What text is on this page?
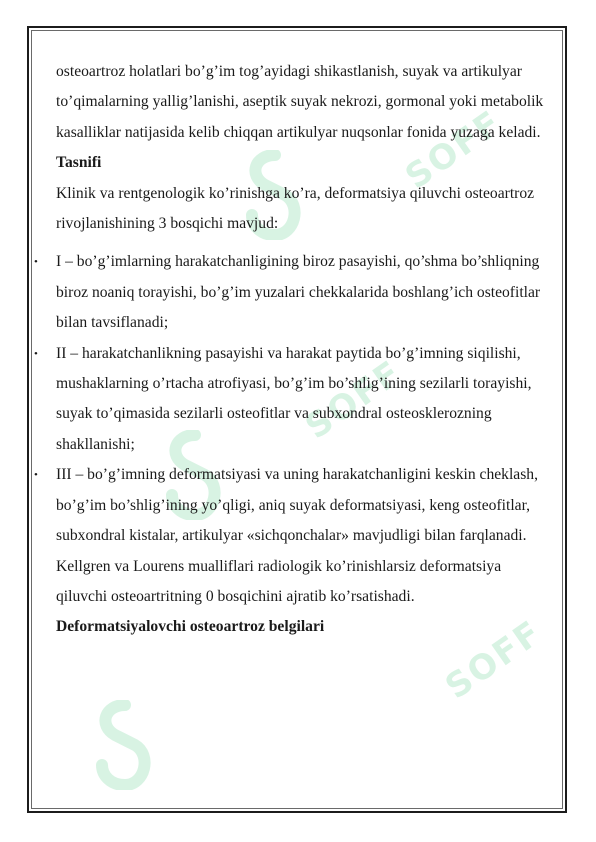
SOFF
SOFF
SOFF

osteoartroz holatlari bo’g’im tog’ayidagi shikastlanish, suyak va artikulyar to’qimalarning yallig’lanishi, aseptik suyak nekrozi, gormonal yoki metabolik kasalliklar natijasida kelib chiqqan artikulyar nuqsonlar fonida yuzaga keladi.

Tasnifi

Klinik va rentgenologik ko’rinishga ko’ra, deformatsiya qiluvchi osteoartroz rivojlanishining 3 bosqichi mavjud:

• I – bo’g’imlarning harakatchanligining biroz pasayishi, qo’shma bo’shliqning biroz noaniq torayishi, bo’g’im yuzalari chekkalarida boshlang’ich osteofitlar bilan tavsiflanadi;
• II – harakatchanlikning pasayishi va harakat paytida bo’g’imning siqilishi, mushaklarning o’rtacha atrofiyasi, bo’g’im bo’shlig’ining sezilarli torayishi, suyak to’qimasida sezilarli osteofitlar va subxondral osteosklerozning shakllanishi;
• III – bo’g’imning deformatsiyasi va uning harakatchanligini keskin cheklash, bo’g’im bo’shlig’ining yo’qligi, aniq suyak deformatsiyasi, keng osteofitlar, subxondral kistalar, artikulyar «sichqonchalar» mavjudligi bilan farqlanadi.

Kellgren va Lourens mualliflari radiologik ko’rinishlarsiz deformatsiya qiluvchi osteoartritning 0 bosqichini ajratib ko’rsatishadi.

Deformatsiyalovchi osteoartroz belgilari
